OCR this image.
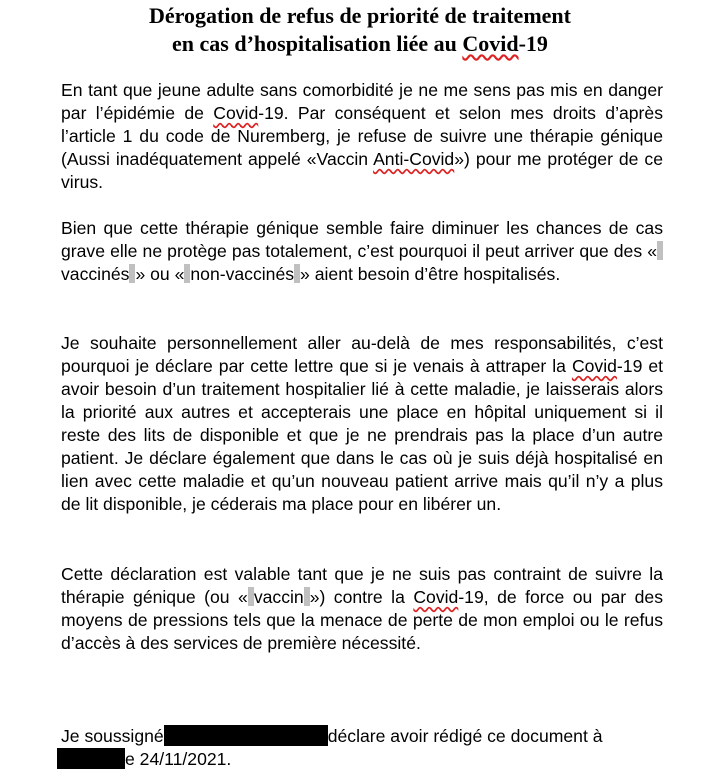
Dérogation de refus de priorité de traitement
en cas d’hospitalisation liée au Covid-19

En tant que jeune adulte sans comorbidité je ne me sens pas mis en danger par l’épidémie de Covid-19. Par conséquent et selon mes droits d’après l’article 1 du code de Nuremberg, je refuse de suivre une thérapie génique (Aussi inadéquatement appelé «Vaccin Anti-Covid») pour me protéger de ce virus.

Bien que cette thérapie génique semble faire diminuer les chances de cas grave elle ne protège pas totalement, c’est pourquoi il peut arriver que des «vaccinés » ou « non-vaccinés » aient besoin d’être hospitalisés.

Je souhaite personnellement aller au-delà de mes responsabilités, c’est pourquoi je déclare par cette lettre que si je venais à attraper la Covid-19 et avoir besoin d’un traitement hospitalier lié à cette maladie, je laisserais alors la priorité aux autres et accepterais une place en hôpital uniquement si il reste des lits de disponible et que je ne prendrais pas la place d’un autre patient. Je déclare également que dans le cas où je suis déjà hospitalisé en lien avec cette maladie et qu’un nouveau patient arrive mais qu’il n’y a plus de lit disponible, je céderais ma place pour en libérer un.

Cette déclaration est valable tant que je ne suis pas contraint de suivre la thérapie génique (ou « vaccin ») contre la Covid-19, de force ou par des moyens de pressions tels que la menace de perte de mon emploi ou le refus d’accès à des services de première nécessité.

Je soussigné	déclare avoir rédigé ce document à
e 24/11/2021.
